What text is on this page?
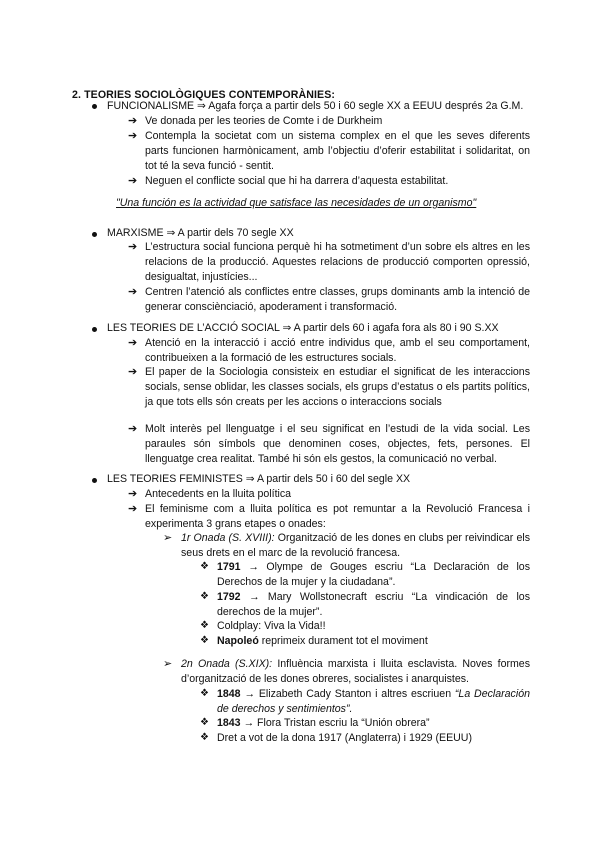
2. TEORIES SOCIOLÒGIQUES CONTEMPORÀNIES:
FUNCIONALISME ⇒ Agafa força a partir dels 50 i 60 segle XX a EEUU després 2a G.M.
➔ Ve donada per les teories de Comte i de Durkheim
➔ Contempla la societat com un sistema complex en el que les seves diferents parts funcionen harmònicament, amb l’objectiu d’oferir estabilitat i solidaritat, on tot té la seva funció - sentit.
➔ Neguen el conflicte social que hi ha darrera d’aquesta estabilitat.
"Una función es la actividad que satisface las necesidades de un organismo"
MARXISME ⇒ A partir dels 70 segle XX
➔ L’estructura social funciona perquè hi ha sotmetiment d’un sobre els altres en les relacions de la producció. Aquestes relacions de producció comporten opressió, desigualtat, injustícies...
➔ Centren l’atenció als conflictes entre classes, grups dominants amb la intenció de generar consciènciació, apoderament i transformació.
LES TEORIES DE L’ACCIÓ SOCIAL ⇒ A partir dels 60 i agafa fora als 80 i 90 S.XX
➔ Atenció en la interacció i acció entre individus que, amb el seu comportament, contribueixen a la formació de les estructures socials.
➔ El paper de la Sociologia consisteix en estudiar el significat de les interaccions socials, sense oblidar, les classes socials, els grups d’estatus o els partits polítics, ja que tots ells són creats per les accions o interaccions socials
➔ Molt interès pel llenguatge i el seu significat en l’estudi de la vida social. Les paraules són símbols que denominen coses, objectes, fets, persones. El llenguatge crea realitat. També hi són els gestos, la comunicació no verbal.
LES TEORIES FEMINISTES ⇒ A partir dels 50 i 60 del segle XX
➔ Antecedents en la lluita política
➔ El feminisme com a lluita política es pot remuntar a la Revolució Francesa i experimenta 3 grans etapes o onades:
➢ 1r Onada (S. XVIII): Organització de les dones en clubs per reivindicar els seus drets en el marc de la revolució francesa.
❖ 1791 → Olympe de Gouges escriu “La Declaración de los Derechos de la mujer y la ciudadana”.
❖ 1792 → Mary Wollstonecraft escriu “La vindicación de los derechos de la mujer”.
❖ Coldplay: Viva la Vida!!
❖ Napoleó reprimeix durament tot el moviment
➢ 2n Onada (S.XIX): Influència marxista i lluita esclavista. Noves formes d’organització de les dones obreres, socialistes i anarquistes.
❖ 1848 → Elizabeth Cady Stanton i altres escriuen “La Declaración de derechos y sentimientos”.
❖ 1843 → Flora Tristan escriu la “Unión obrera”
❖ Dret a vot de la dona 1917 (Anglaterra) i 1929 (EEUU)
